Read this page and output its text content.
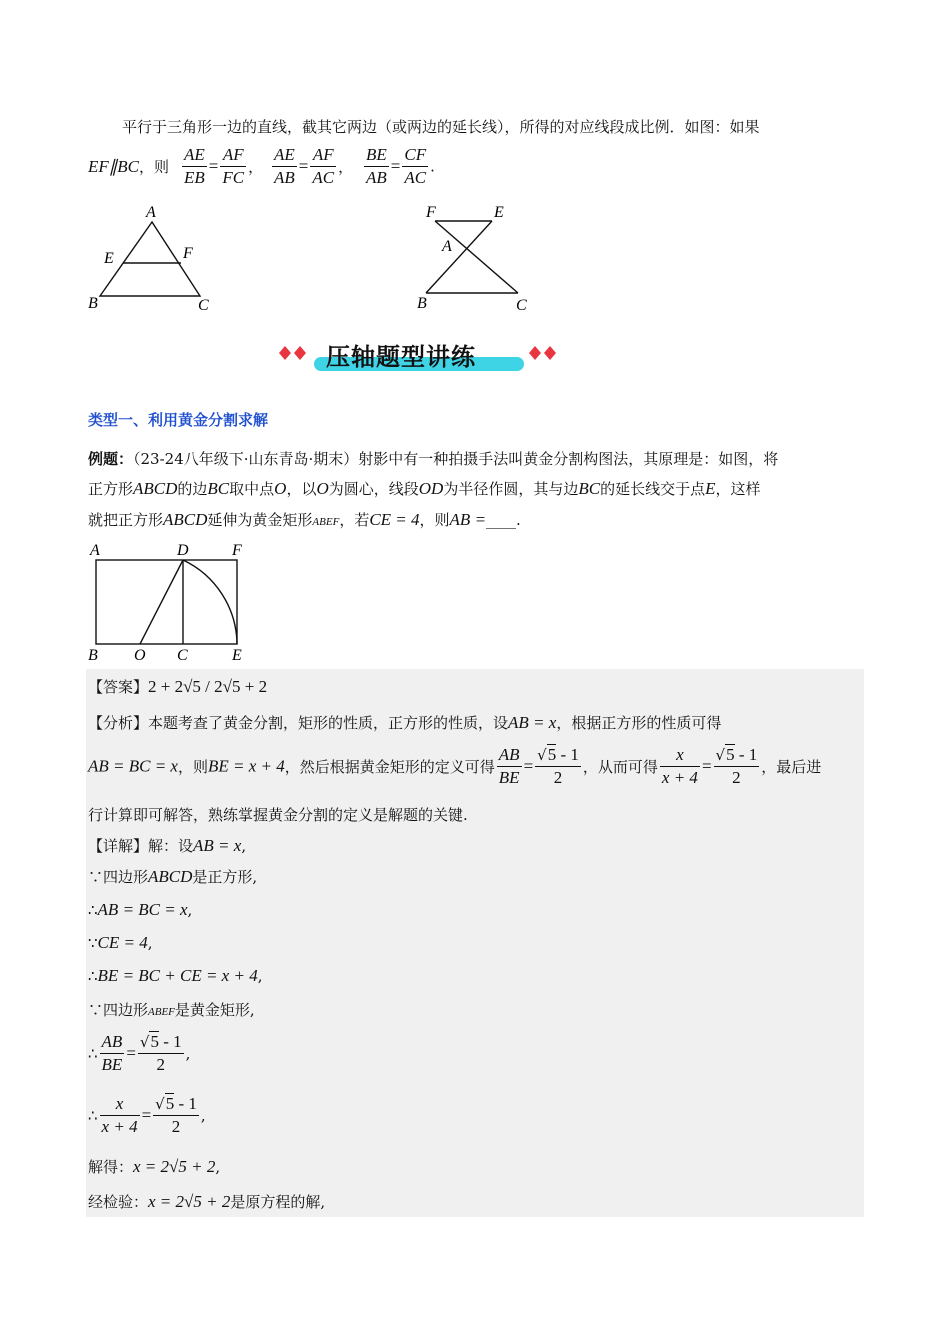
平行于三角形一边的直线，截其它两边（或两边的延长线），所得的对应线段成比例．如图：如果
EF∥BC，则 $\frac{AE}{EB} = \frac{AF}{FC}$ ， $\frac{AE}{AB} = \frac{AF}{AC}$ ， $\frac{BE}{AB} = \frac{CF}{AC}$ .
A
E	F
B	C
F	E
A
B	C
压轴题型讲练
类型一、利用黄金分割求解
例题：（23-24八年级下·山东青岛·期末）射影中有一种拍摄手法叫黄金分割构图法，其原理是：如图，将
正方形ABCD的边BC取中点O，以O为圆心，线段OD为半径作圆，其与边BC的延长线交于点E，这样
就把正方形ABCD延伸为黄金矩形ABEF，若CE = 4，则AB =____.
A	D	F
B O C	E
【答案】2 + 2√5 / 2√5 + 2
【分析】本题考查了黄金分割，矩形的性质，正方形的性质，设AB = x，根据正方形的性质可得
AB = BC = x，则BE = x + 4，然后根据黄金矩形的定义可得 $\frac{AB}{BE} = \frac{√5 - 1}{2}$ ，从而可得 $\frac{x}{x + 4} = \frac{√5 - 1}{2}$ ，最后进
行计算即可解答，熟练掌握黄金分割的定义是解题的关键.
【详解】解：设AB = x,
∵四边形ABCD是正方形,
∴AB = BC = x,
∵CE = 4,
∴BE = BC + CE = x + 4,
∵四边形ABEF是黄金矩形,
∴ $\frac{AB}{BE} = \frac{√5 - 1}{2}$ ,
∴ $\frac{x}{x + 4} = \frac{√5 - 1}{2}$ ,
解得：x = 2√5 + 2,
经检验：x = 2√5 + 2是原方程的解,
